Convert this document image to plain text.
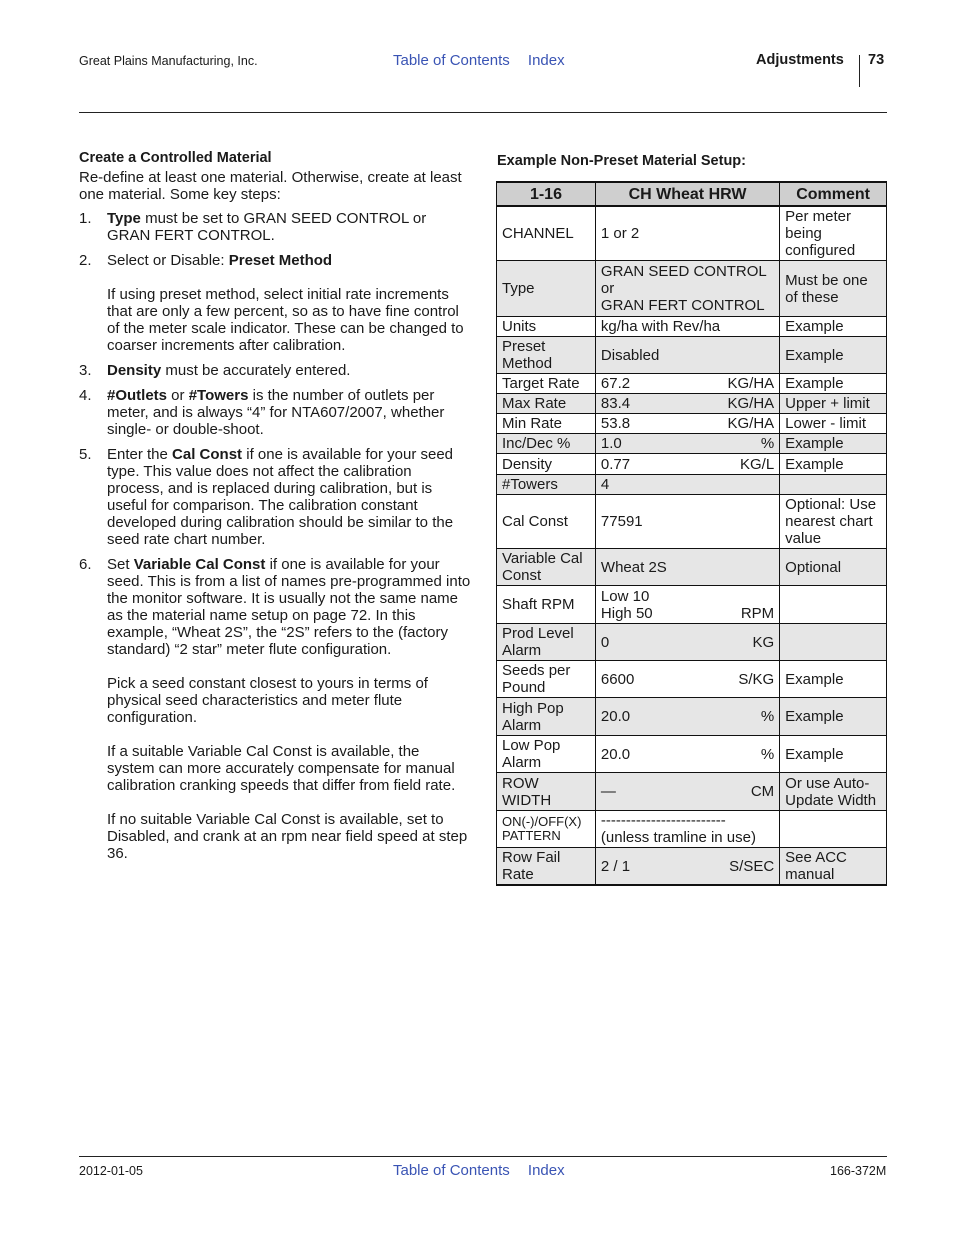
Great Plains Manufacturing, Inc.	Table of Contents Index	Adjustments 73
Create a Controlled Material

Re-define at least one material. Otherwise, create at least one material. Some key steps:

1. Type must be set to GRAN SEED CONTROL or GRAN FERT CONTROL.

2. Select or Disable: Preset Method

If using preset method, select initial rate increments that are only a few percent, so as to have fine control of the meter scale indicator. These can be changed to coarser increments after calibration.

3. Density must be accurately entered.

4. #Outlets or #Towers is the number of outlets per meter, and is always “4” for NTA607/2007, whether single- or double-shoot.

5. Enter the Cal Const if one is available for your seed type. This value does not affect the calibration process, and is replaced during calibration, but is useful for comparison. The calibration constant developed during calibration should be similar to the seed rate chart number.

6. Set Variable Cal Const if one is available for your seed. This is from a list of names pre-programmed into the monitor software. It is usually not the same name as the material name setup on page 72. In this example, “Wheat 2S”, the “2S” refers to the (factory standard) “2 star” meter flute configuration.

Pick a seed constant closest to yours in terms of physical seed characteristics and meter flute configuration.

If a suitable Variable Cal Const is available, the system can more accurately compensate for manual calibration cranking speeds that differ from field rate.

If no suitable Variable Cal Const is available, set to Disabled, and crank at an rpm near field speed at step 36.

Example Non-Preset Material Setup:
1-16	CH Wheat HRW	Comment
CHANNEL	1 or 2	Per meter being configured
Type	GRAN SEED CONTROL
or
GRAN FERT CONTROL	Must be one of these
Units	kg/ha with Rev/ha	Example
Preset Method	Disabled	Example
Target Rate	67.2 KG/HA	Example
Max Rate	83.4 KG/HA	Upper + limit
Min Rate	53.8 KG/HA	Lower - limit
Inc/Dec %	1.0 %	Example
Density	0.77 KG/L	Example
#Towers	4	

Cal Const	77591	Optional: Use nearest chart value
Variable Cal Const	Wheat 2S	Optional
Shaft RPM	Low 10
High 50 RPM	

Prod Level Alarm	0 KG	

Seeds per Pound	6600 S/KG	Example
High Pop Alarm	20.0 %	Example
Low Pop Alarm	20.0 %	Example
ROW WIDTH	— CM	Or use Auto-Update Width
ON(-)/OFF(X) PATTERN	-------------------------
(unless tramline in use)	

Row Fail Rate	2 / 1 S/SEC	See ACC manual
2012-01-05	Table of Contents Index	166-372M
